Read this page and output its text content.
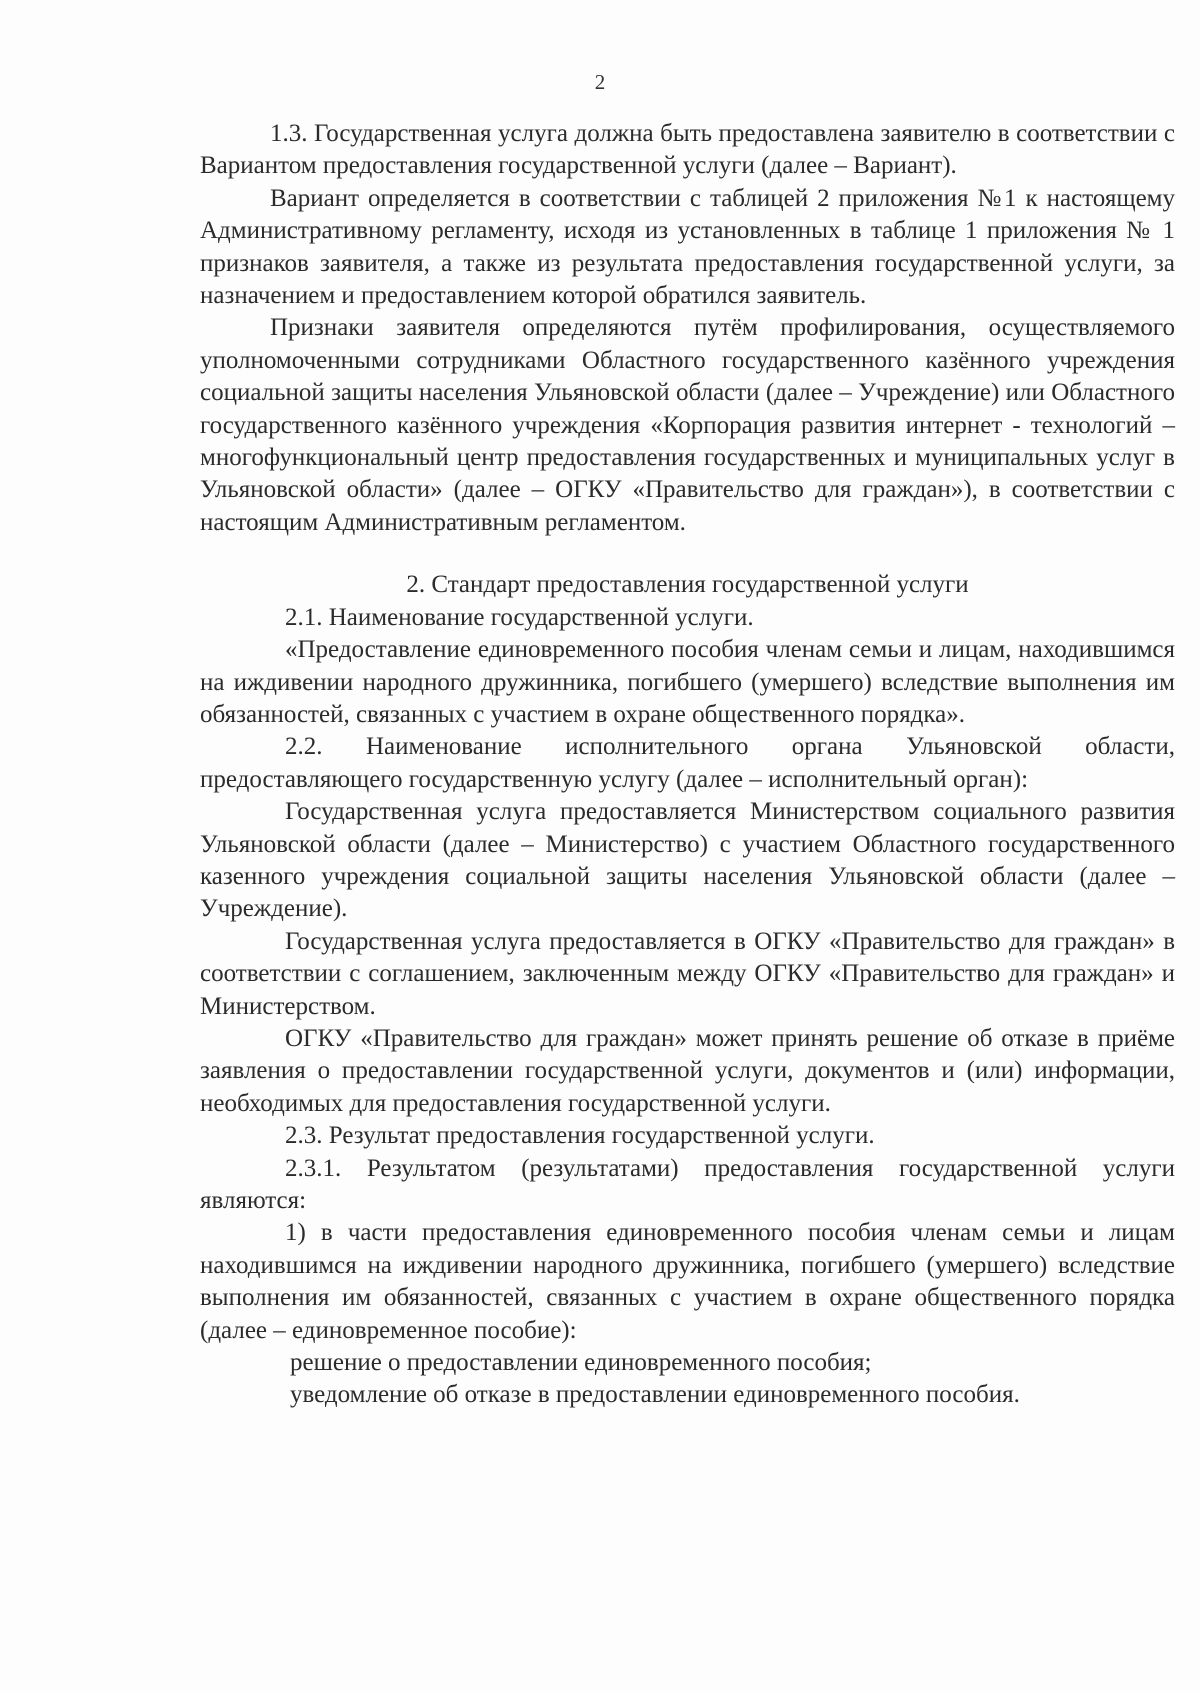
2

1.3. Государственная услуга должна быть предоставлена заявителю в соответствии с Вариантом предоставления государственной услуги (далее – Вариант).

Вариант определяется в соответствии с таблицей 2 приложения №1 к настоящему Административному регламенту, исходя из установленных в таблице 1 приложения № 1 признаков заявителя, а также из результата предоставления государственной услуги, за назначением и предоставлением которой обратился заявитель.

Признаки заявителя определяются путём профилирования, осуществляемого уполномоченными сотрудниками Областного государственного казённого учреждения социальной защиты населения Ульяновской области (далее – Учреждение) или Областного государственного казённого учреждения «Корпорация развития интернет - технологий – многофункциональный центр предоставления государственных и муниципальных услуг в Ульяновской области» (далее – ОГКУ «Правительство для граждан»), в соответствии с настоящим Административным регламентом.

2. Стандарт предоставления государственной услуги

2.1. Наименование государственной услуги.

«Предоставление единовременного пособия членам семьи и лицам, находившимся на иждивении народного дружинника, погибшего (умершего) вследствие выполнения им обязанностей, связанных с участием в охране общественного порядка».

2.2. Наименование исполнительного органа Ульяновской области, предоставляющего государственную услугу (далее – исполнительный орган):

Государственная услуга предоставляется Министерством социального развития Ульяновской области (далее – Министерство) с участием Областного государственного казенного учреждения социальной защиты населения Ульяновской области (далее – Учреждение).

Государственная услуга предоставляется в ОГКУ «Правительство для граждан» в соответствии с соглашением, заключенным между ОГКУ «Правительство для граждан» и Министерством.

ОГКУ «Правительство для граждан» может принять решение об отказе в приёме заявления о предоставлении государственной услуги, документов и (или) информации, необходимых для предоставления государственной услуги.

2.3. Результат предоставления государственной услуги.

2.3.1. Результатом (результатами) предоставления государственной услуги являются:

1) в части предоставления единовременного пособия членам семьи и лицам находившимся на иждивении народного дружинника, погибшего (умершего) вследствие выполнения им обязанностей, связанных с участием в охране общественного порядка (далее – единовременное пособие):

решение о предоставлении единовременного пособия;

уведомление об отказе в предоставлении единовременного пособия.
